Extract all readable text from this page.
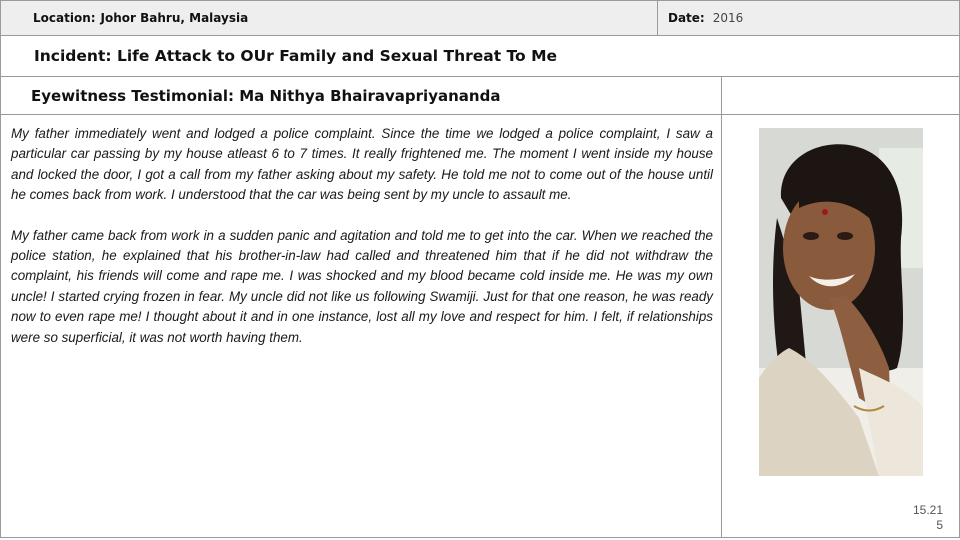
Location: Johor Bahru, Malaysia	Date: 2016
Incident: Life Attack to OUr Family and Sexual Threat To Me
Eyewitness Testimonial: Ma Nithya Bhairavapriyananda

My father immediately went and lodged a police complaint. Since the time we lodged a police complaint, I saw a particular car passing by my house atleast 6 to 7 times. It really frightened me. The moment I went inside my house and locked the door, I got a call from my father asking about my safety. He told me not to come out of the house until he comes back from work. I understood that the car was being sent by my uncle to assault me.

My father came back from work in a sudden panic and agitation and told me to get into the car. When we reached the police station, he explained that his brother-in-law had called and threatened him that if he did not withdraw the complaint, his friends will come and rape me. I was shocked and my blood became cold inside me. He was my own uncle! I started crying frozen in fear. My uncle did not like us following Swamiji. Just for that one reason, he was ready now to even rape me! I thought about it and in one instance, lost all my love and respect for him. I felt, if relationships were so superficial, it was not worth having them.

15.21
5
